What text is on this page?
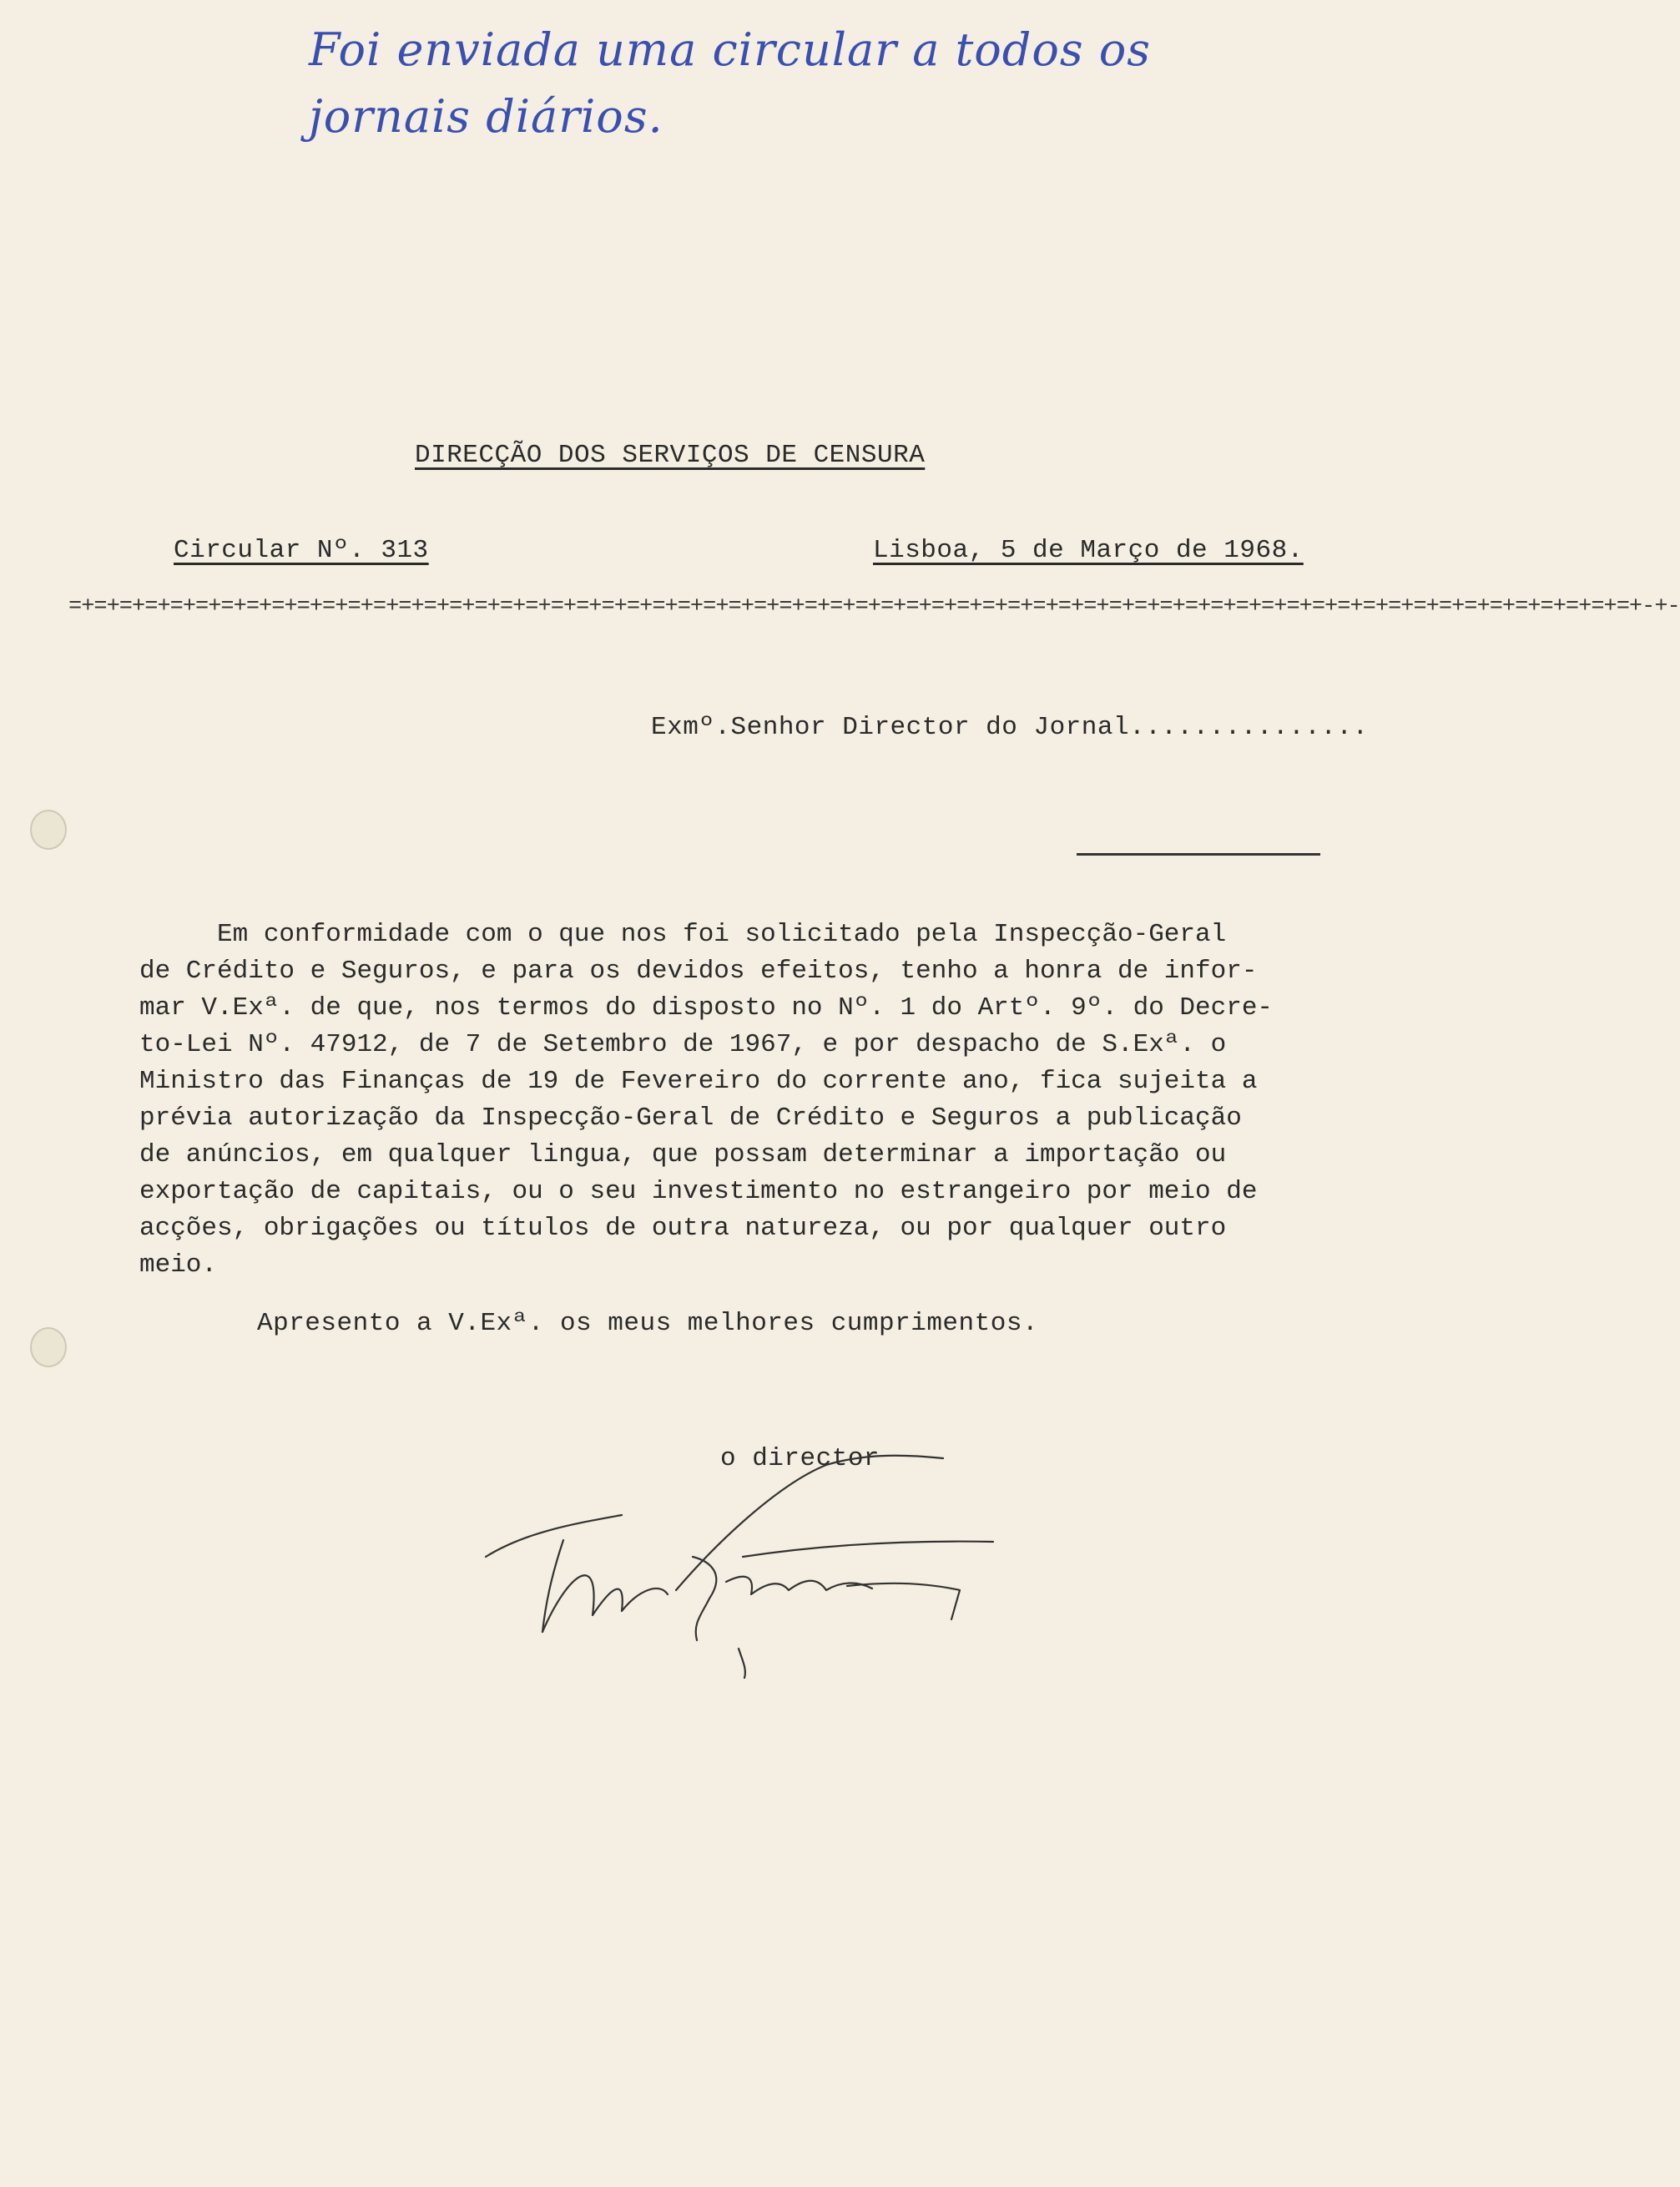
Foi enviada uma circular a todos os
jornais diários.
DIRECÇÃO DOS SERVIÇOS DE CENSURA
Circular Nº. 313	Lisboa, 5 de Março de 1968.
=+=+=+=+=+=+=+=+=+=+=+=+=+=+=+=+=+=+=+=+=+=+=+=+=+=+=+=+=+=+=+=+=+=+=+=+=+=+=+=+=+=+=+=+=+=+=+=+=+=+=+=+=+=+=+=+=+=+=+=+=+=+-+-
Exmº.Senhor Director do Jornal...............
Em conformidade com o que nos foi solicitado pela Inspecção-Geral
de Crédito e Seguros, e para os devidos efeitos, tenho a honra de infor-
mar V.Exª. de que, nos termos do disposto no Nº. 1 do Artº. 9º. do Decre-
to-Lei Nº. 47912, de 7 de Setembro de 1967, e por despacho de S.Exª. o
Ministro das Finanças de 19 de Fevereiro do corrente ano, fica sujeita a
prévia autorização da Inspecção-Geral de Crédito e Seguros a publicação
de anúncios, em qualquer lingua, que possam determinar a importação ou
exportação de capitais, ou o seu investimento no estrangeiro por meio de
acções, obrigações ou títulos de outra natureza, ou por qualquer outro
meio.
Apresento a V.Exª. os meus melhores cumprimentos.
o director
